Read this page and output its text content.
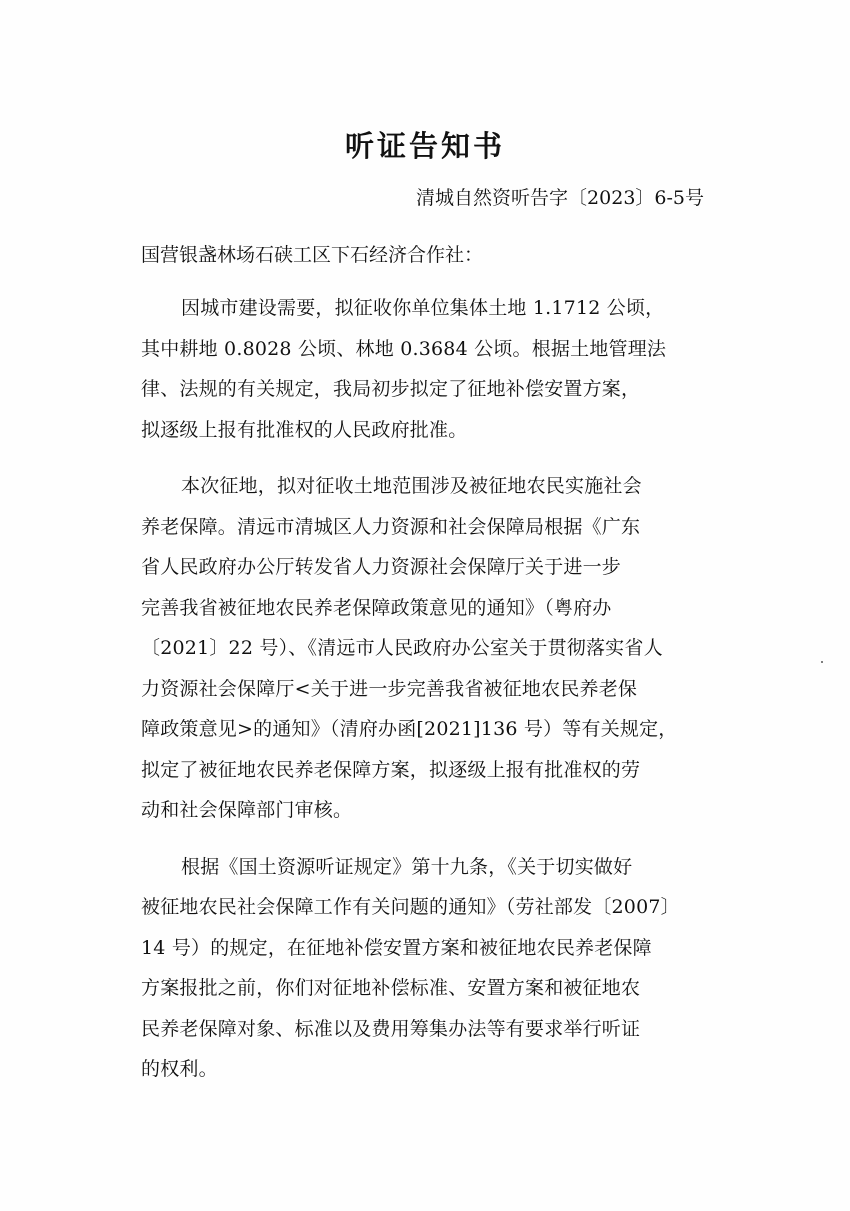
听证告知书
清城自然资听告字〔2023〕6-5号
国营银盏林场石硖工区下石经济合作社：
因城市建设需要，拟征收你单位集体土地 1.1712 公顷，
其中耕地 0.8028 公顷、林地 0.3684 公顷。根据土地管理法
律、法规的有关规定，我局初步拟定了征地补偿安置方案，
拟逐级上报有批准权的人民政府批准。
本次征地，拟对征收土地范围涉及被征地农民实施社会
养老保障。清远市清城区人力资源和社会保障局根据《广东
省人民政府办公厅转发省人力资源社会保障厅关于进一步
完善我省被征地农民养老保障政策意见的通知》（粤府办
〔2021〕22 号）、《清远市人民政府办公室关于贯彻落实省人
力资源社会保障厅<关于进一步完善我省被征地农民养老保
障政策意见>的通知》（清府办函[2021]136 号）等有关规定，
拟定了被征地农民养老保障方案，拟逐级上报有批准权的劳
动和社会保障部门审核。
根据《国土资源听证规定》第十九条，《关于切实做好
被征地农民社会保障工作有关问题的通知》（劳社部发〔2007〕
14 号）的规定，在征地补偿安置方案和被征地农民养老保障
方案报批之前，你们对征地补偿标准、安置方案和被征地农
民养老保障对象、标准以及费用筹集办法等有要求举行听证
的权利。
